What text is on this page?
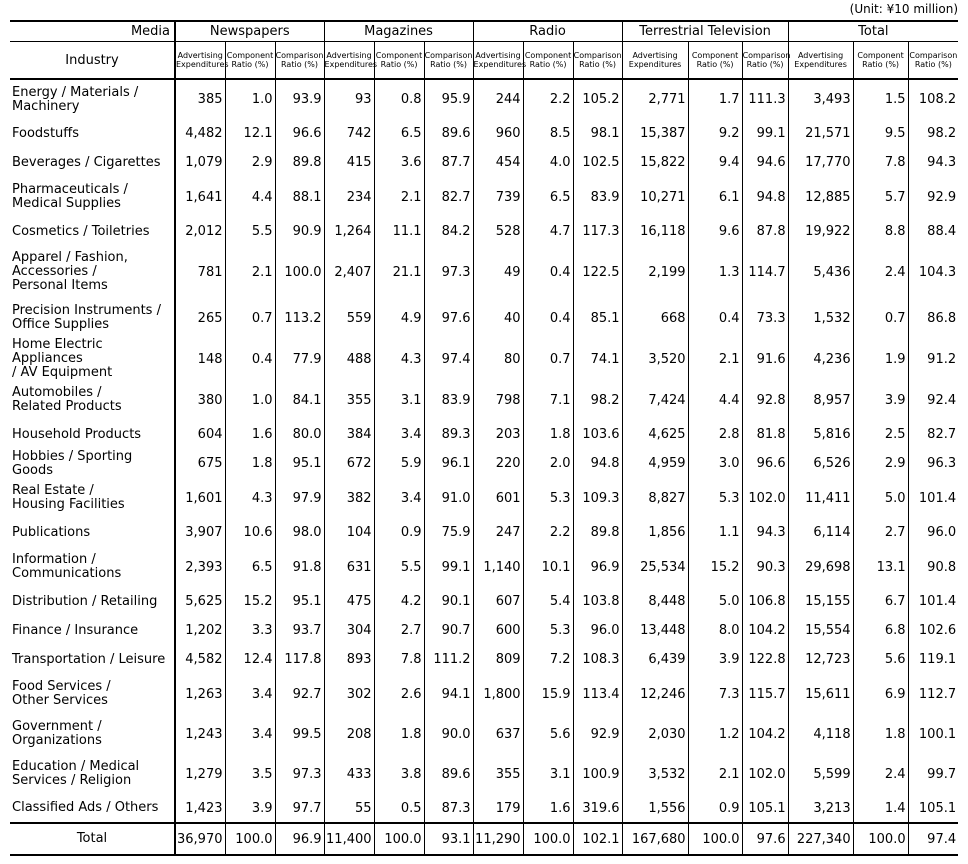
(Unit: ¥10 million)
Media	Newspapers			Magazines			Radio			Terrestrial Television			Total		
Industry	Advertising Expenditures	Component Ratio (%)	Comparison Ratio (%)	Advertising Expenditures	Component Ratio (%)	Comparison Ratio (%)	Advertising Expenditures	Component Ratio (%)	Comparison Ratio (%)	Advertising Expenditures	Component Ratio (%)	Comparison Ratio (%)	Advertising Expenditures	Component Ratio (%)	Comparison Ratio (%)
Energy / Materials /
Machinery	385	1.0	93.9	93	0.8	95.9	244	2.2	105.2	2,771	1.7	111.3	3,493	1.5	108.2
Foodstuffs	4,482	12.1	96.6	742	6.5	89.6	960	8.5	98.1	15,387	9.2	99.1	21,571	9.5	98.2
Beverages / Cigarettes	1,079	2.9	89.8	415	3.6	87.7	454	4.0	102.5	15,822	9.4	94.6	17,770	7.8	94.3
Pharmaceuticals /
Medical Supplies	1,641	4.4	88.1	234	2.1	82.7	739	6.5	83.9	10,271	6.1	94.8	12,885	5.7	92.9
Cosmetics / Toiletries	2,012	5.5	90.9	1,264	11.1	84.2	528	4.7	117.3	16,118	9.6	87.8	19,922	8.8	88.4
Apparel / Fashion,
Accessories /
Personal Items	781	2.1	100.0	2,407	21.1	97.3	49	0.4	122.5	2,199	1.3	114.7	5,436	2.4	104.3
Precision Instruments /
Office Supplies	265	0.7	113.2	559	4.9	97.6	40	0.4	85.1	668	0.4	73.3	1,532	0.7	86.8
Home Electric Appliances
/ AV Equipment	148	0.4	77.9	488	4.3	97.4	80	0.7	74.1	3,520	2.1	91.6	4,236	1.9	91.2
Automobiles /
Related Products	380	1.0	84.1	355	3.1	83.9	798	7.1	98.2	7,424	4.4	92.8	8,957	3.9	92.4
Household Products	604	1.6	80.0	384	3.4	89.3	203	1.8	103.6	4,625	2.8	81.8	5,816	2.5	82.7
Hobbies / Sporting Goods	675	1.8	95.1	672	5.9	96.1	220	2.0	94.8	4,959	3.0	96.6	6,526	2.9	96.3
Real Estate /
Housing Facilities	1,601	4.3	97.9	382	3.4	91.0	601	5.3	109.3	8,827	5.3	102.0	11,411	5.0	101.4
Publications	3,907	10.6	98.0	104	0.9	75.9	247	2.2	89.8	1,856	1.1	94.3	6,114	2.7	96.0
Information /
Communications	2,393	6.5	91.8	631	5.5	99.1	1,140	10.1	96.9	25,534	15.2	90.3	29,698	13.1	90.8
Distribution / Retailing	5,625	15.2	95.1	475	4.2	90.1	607	5.4	103.8	8,448	5.0	106.8	15,155	6.7	101.4
Finance / Insurance	1,202	3.3	93.7	304	2.7	90.7	600	5.3	96.0	13,448	8.0	104.2	15,554	6.8	102.6
Transportation / Leisure	4,582	12.4	117.8	893	7.8	111.2	809	7.2	108.3	6,439	3.9	122.8	12,723	5.6	119.1
Food Services /
Other Services	1,263	3.4	92.7	302	2.6	94.1	1,800	15.9	113.4	12,246	7.3	115.7	15,611	6.9	112.7
Government /
Organizations	1,243	3.4	99.5	208	1.8	90.0	637	5.6	92.9	2,030	1.2	104.2	4,118	1.8	100.1
Education / Medical
Services / Religion	1,279	3.5	97.3	433	3.8	89.6	355	3.1	100.9	3,532	2.1	102.0	5,599	2.4	99.7
Classified Ads / Others	1,423	3.9	97.7	55	0.5	87.3	179	1.6	319.6	1,556	0.9	105.1	3,213	1.4	105.1
Total	36,970	100.0	96.9	11,400	100.0	93.1	11,290	100.0	102.1	167,680	100.0	97.6	227,340	100.0	97.4
